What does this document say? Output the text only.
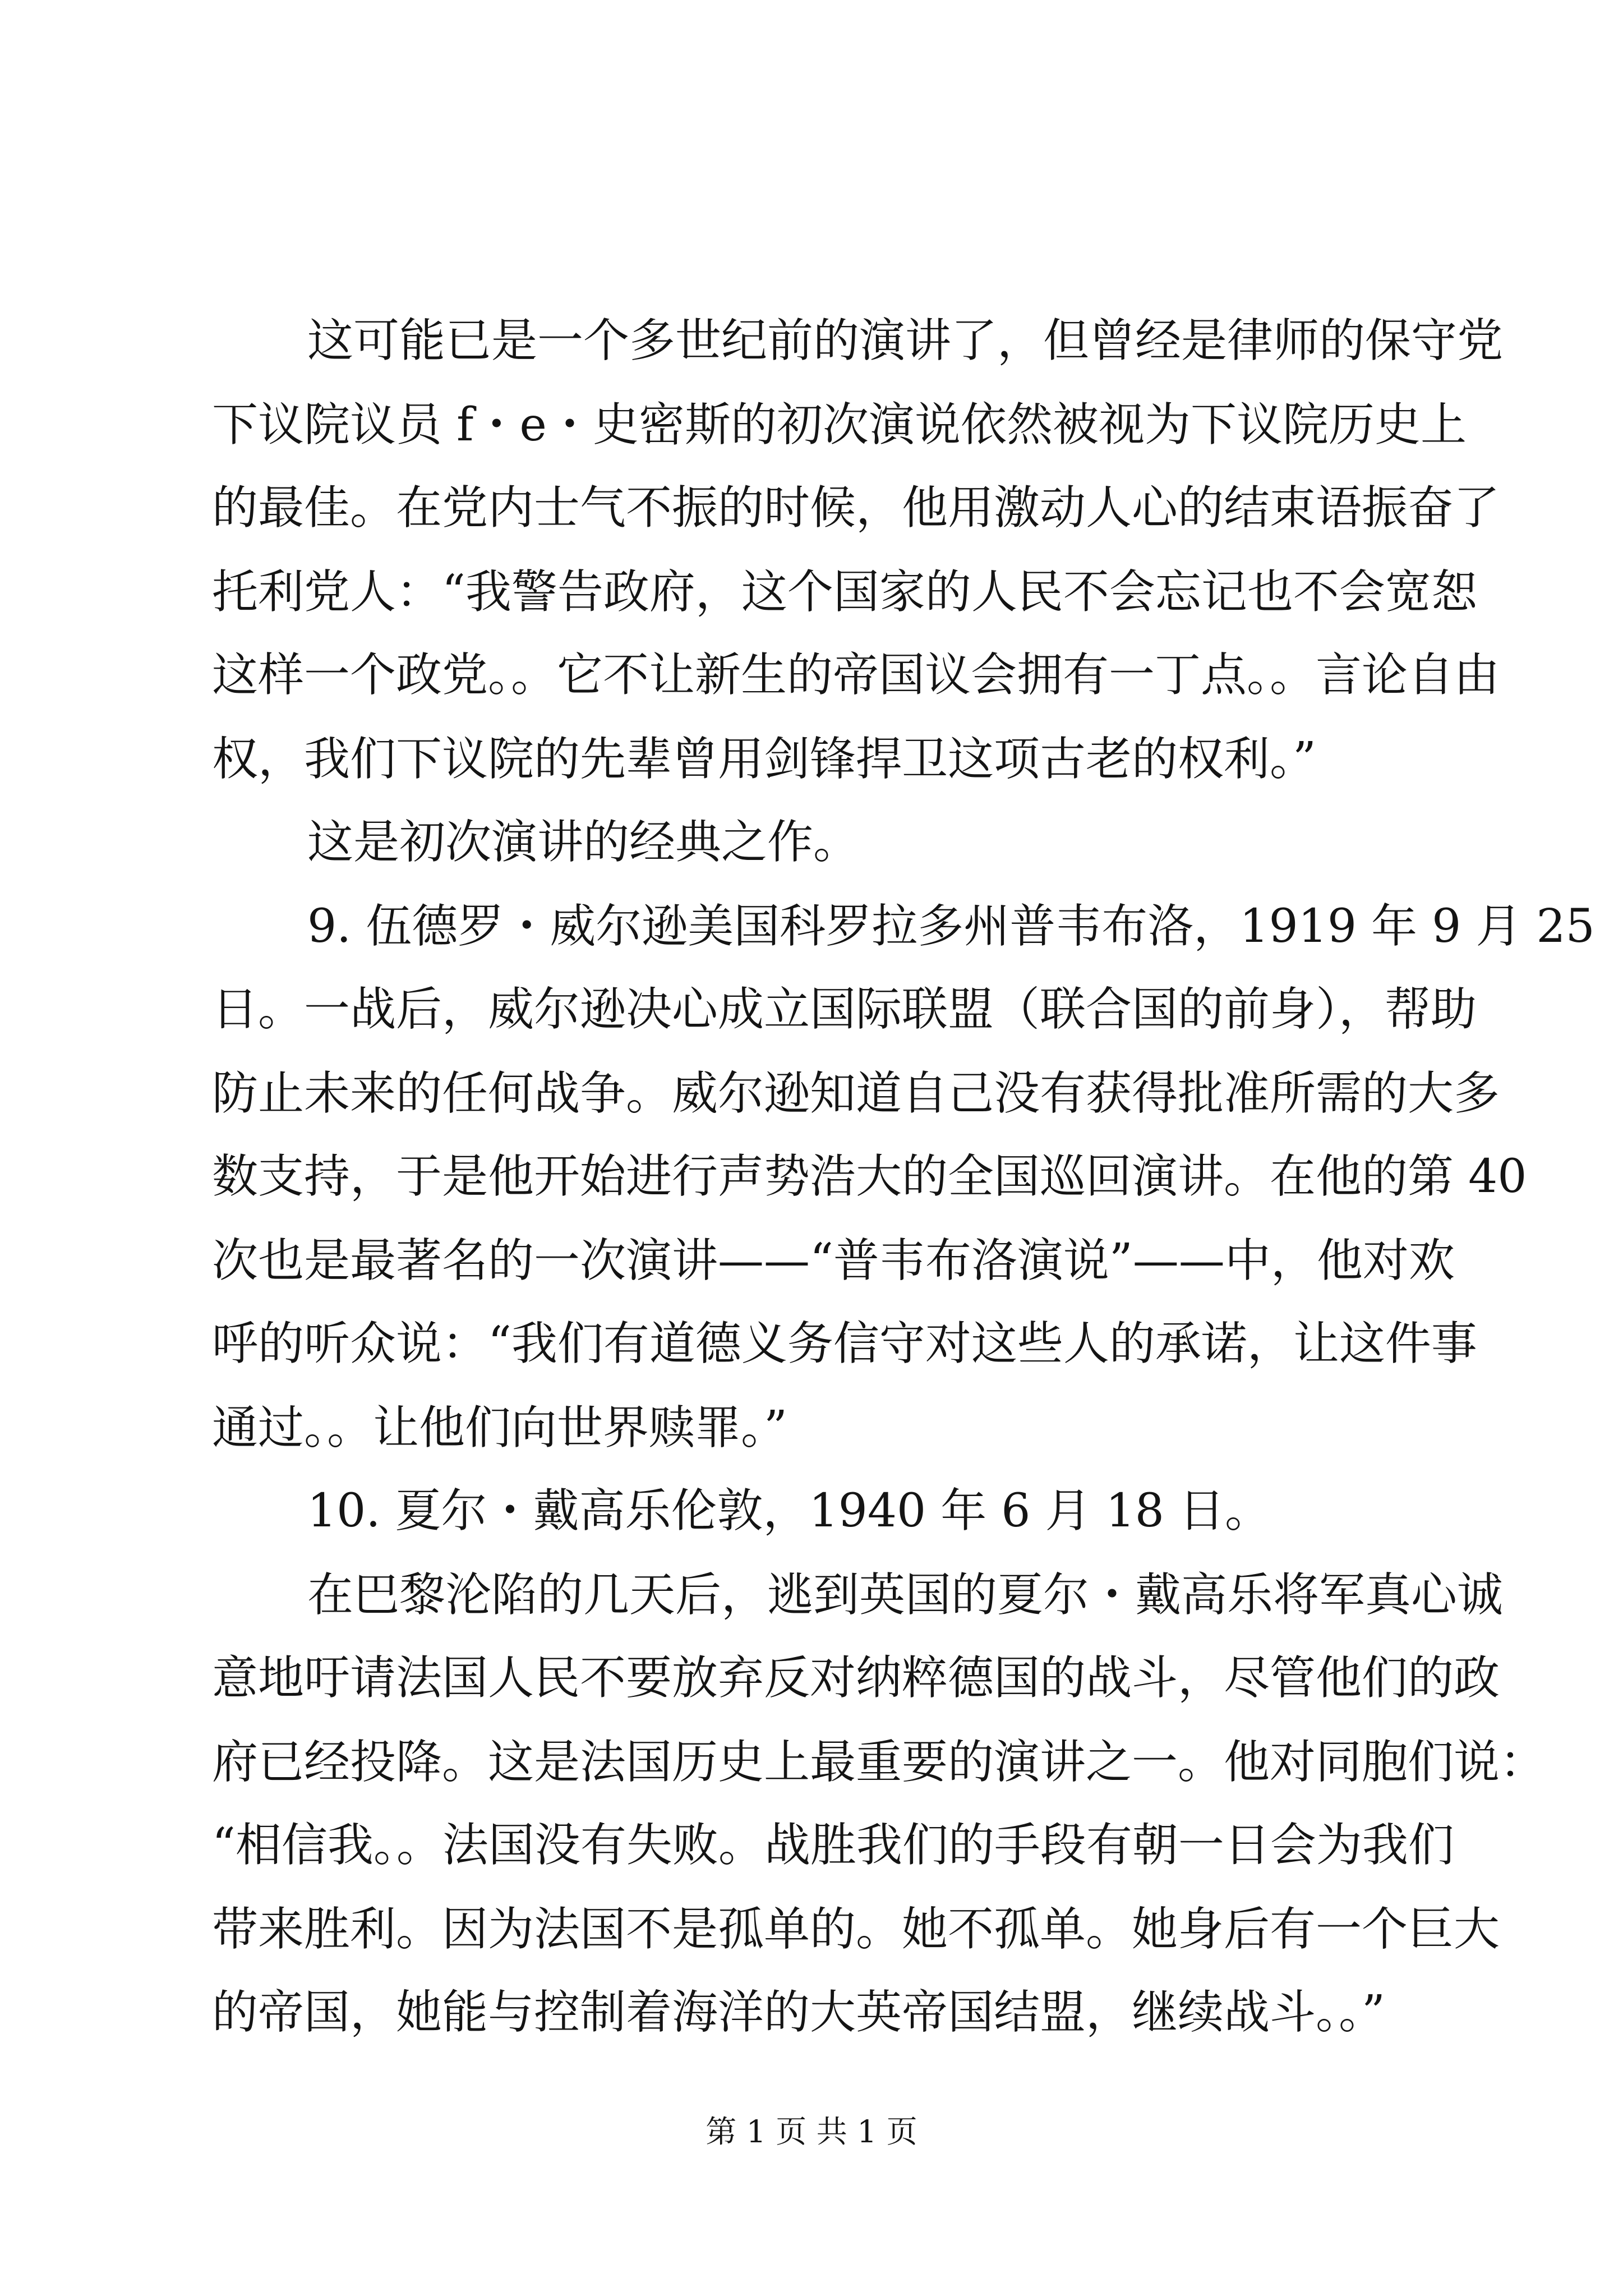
这可能已是一个多世纪前的演讲了，但曾经是律师的保守党
下议院议员 f・e・史密斯的初次演说依然被视为下议院历史上
的最佳。在党内士气不振的时候，他用激动人心的结束语振奋了
托利党人：“我警告政府，这个国家的人民不会忘记也不会宽恕
这样一个政党。。它不让新生的帝国议会拥有一丁点。。言论自由
权，我们下议院的先辈曾用剑锋捍卫这项古老的权利。”
这是初次演讲的经典之作。
9. 伍德罗・威尔逊美国科罗拉多州普韦布洛，1919 年 9 月 25
日。一战后，威尔逊决心成立国际联盟（联合国的前身），帮助
防止未来的任何战争。威尔逊知道自己没有获得批准所需的大多
数支持，于是他开始进行声势浩大的全国巡回演讲。在他的第 40
次也是最著名的一次演讲——“普韦布洛演说”——中，他对欢
呼的听众说：“我们有道德义务信守对这些人的承诺，让这件事
通过。。让他们向世界赎罪。”
10. 夏尔・戴高乐伦敦，1940 年 6 月 18 日。
在巴黎沦陷的几天后，逃到英国的夏尔・戴高乐将军真心诚
意地吁请法国人民不要放弃反对纳粹德国的战斗，尽管他们的政
府已经投降。这是法国历史上最重要的演讲之一。他对同胞们说：
“相信我。。法国没有失败。战胜我们的手段有朝一日会为我们
带来胜利。因为法国不是孤单的。她不孤单。她身后有一个巨大
的帝国，她能与控制着海洋的大英帝国结盟，继续战斗。。”
第 1 页 共 1 页
